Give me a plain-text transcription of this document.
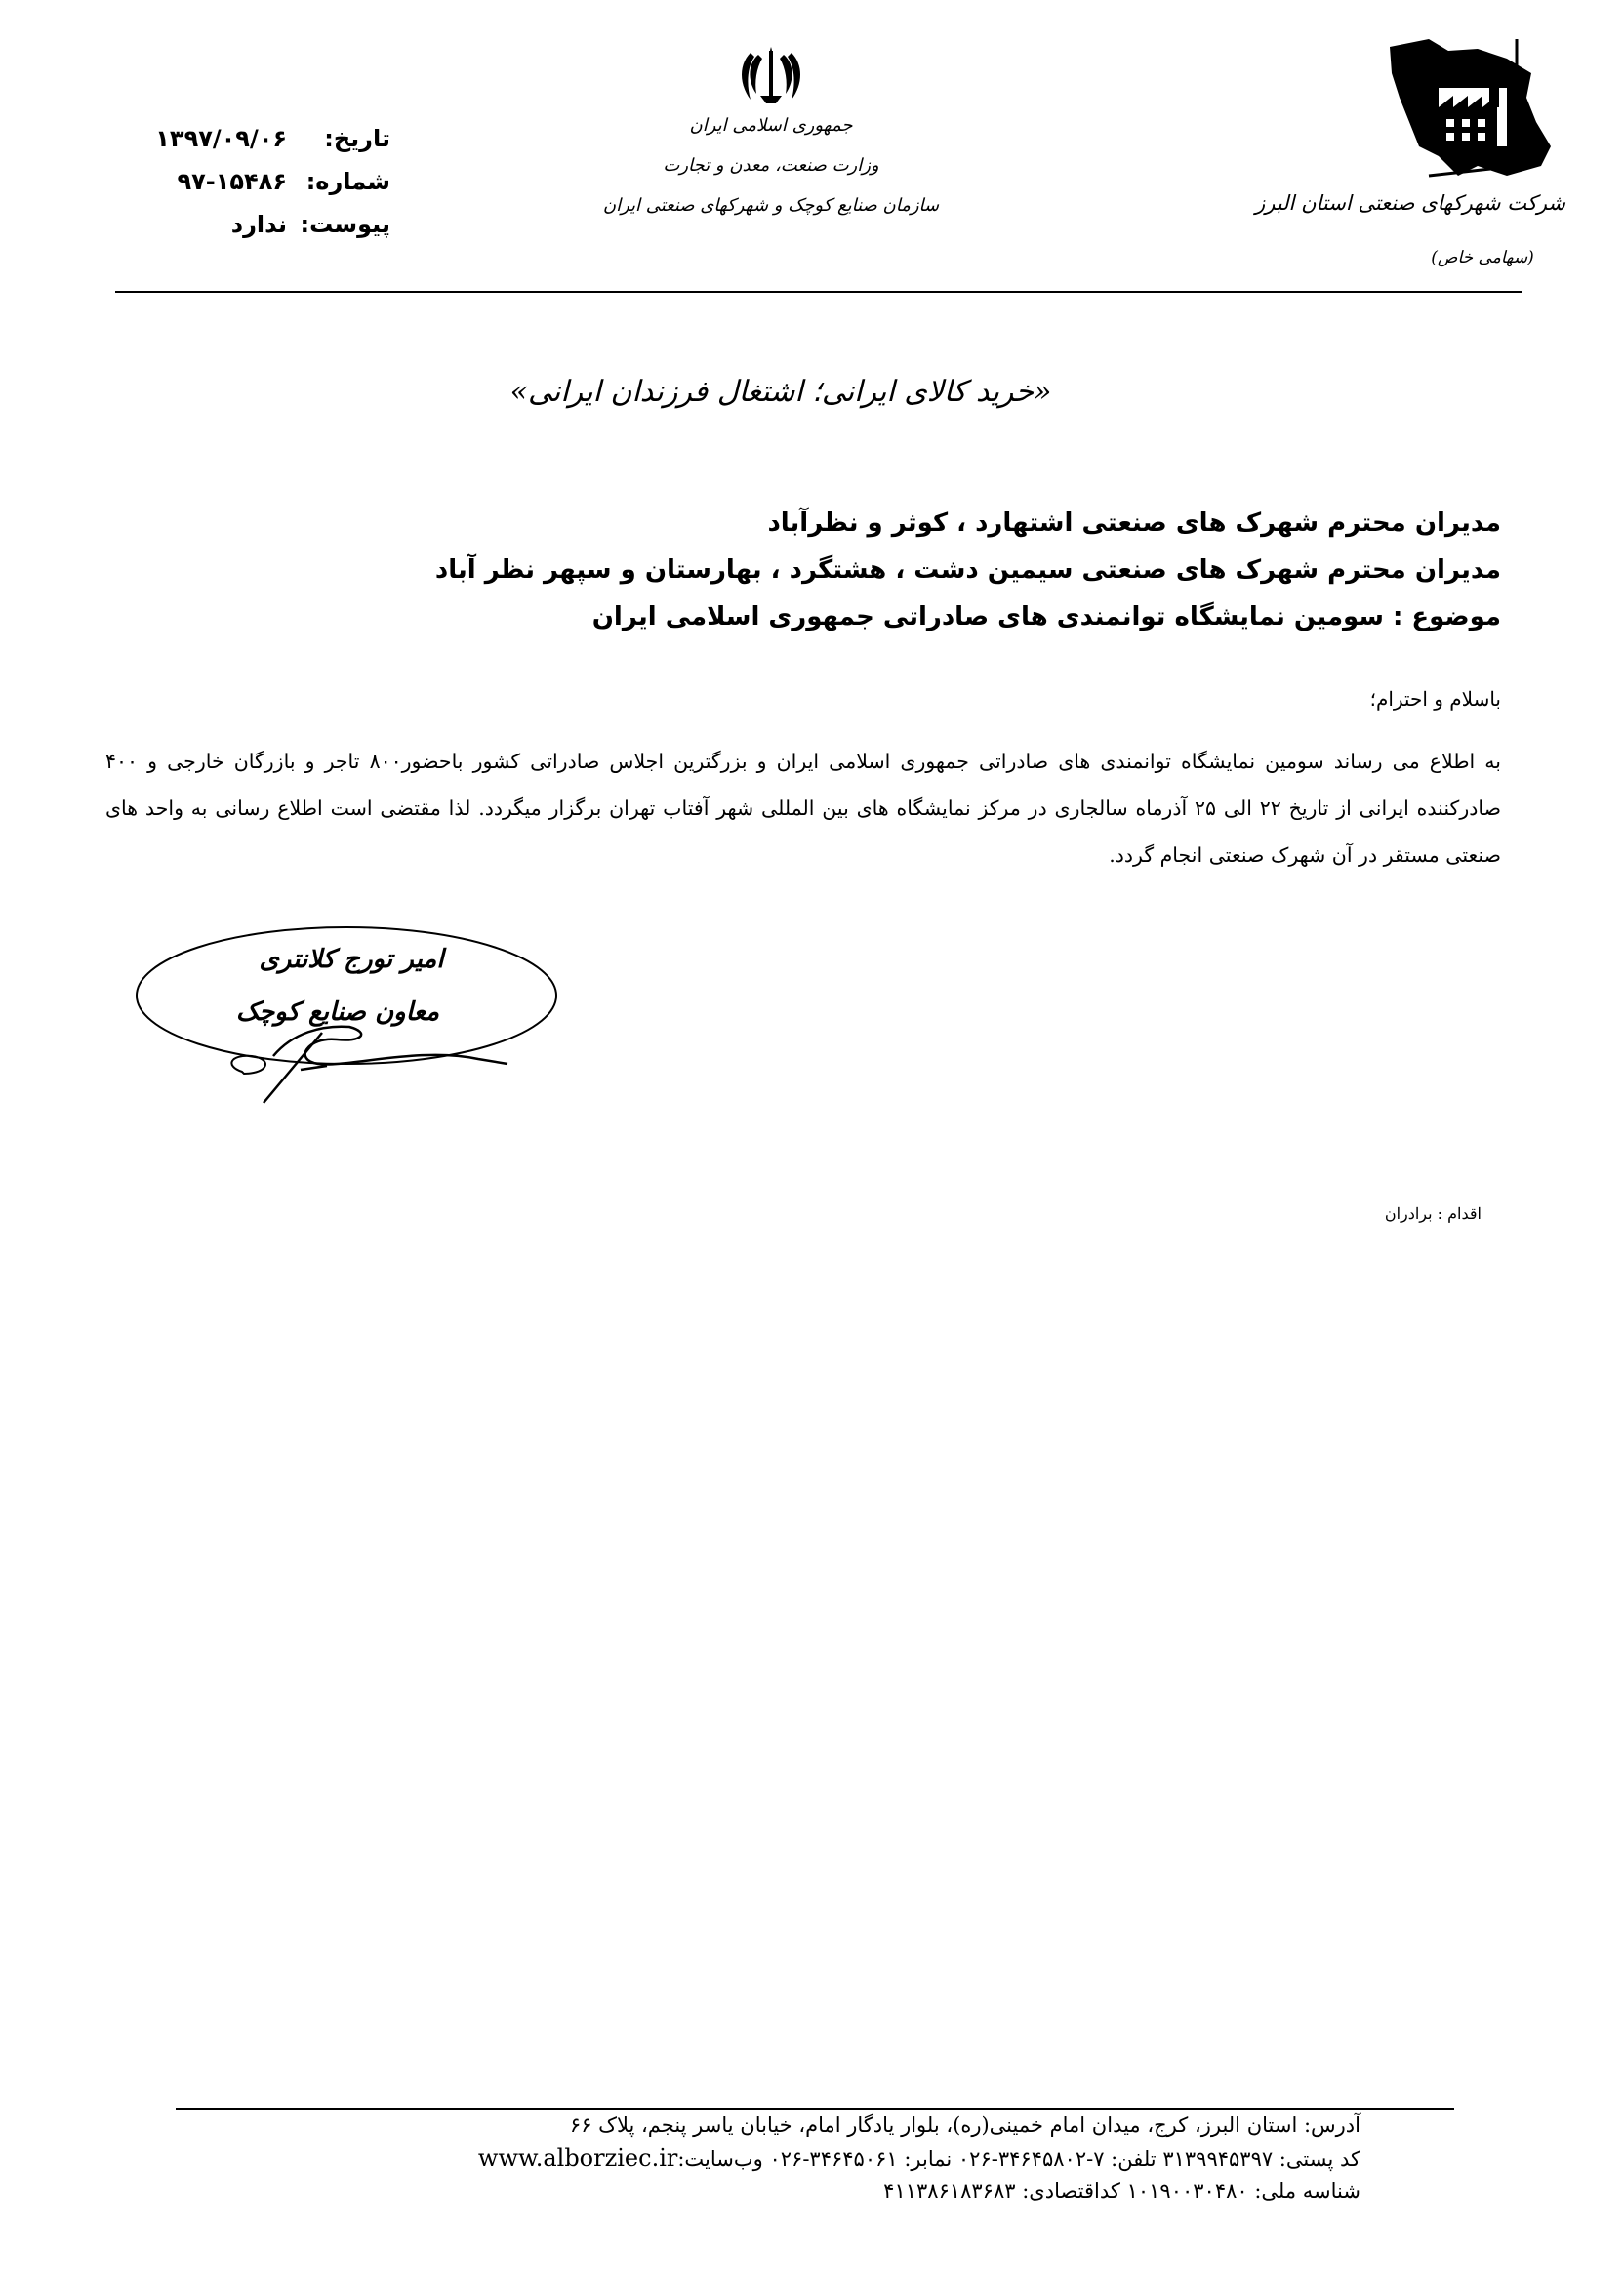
شرکت شهرکهای صنعتی استان البرز
(سهامی خاص)
جمهوری اسلامی ایران
وزارت صنعت، معدن و تجارت
سازمان صنایع کوچک و شهرکهای صنعتی ایران
تاریخ:
۱۳۹۷/۰۹/۰۶
شماره:
۹۷-۱۵۴۸۶
پیوست:
ندارد
«خرید کالای ایرانی؛ اشتغال فرزندان ایرانی»
مدیران محترم شهرک های صنعتی اشتهارد ، کوثر و نظرآباد
مدیران محترم شهرک های صنعتی سیمین دشت ، هشتگرد ، بهارستان و سپهر نظر آباد
موضوع : سومین نمایشگاه توانمندی های صادراتی جمهوری اسلامی ایران
باسلام و احترام؛
به اطلاع می رساند سومین نمایشگاه توانمندی های صادراتی جمهوری اسلامی ایران و بزرگترین اجلاس صادراتی کشور باحضور۸۰۰ تاجر و بازرگان خارجی و ۴۰۰ صادرکننده ایرانی از تاریخ ۲۲ الی ۲۵ آذرماه سالجاری در مرکز نمایشگاه های بین المللی شهر آفتاب تهران برگزار میگردد. لذا مقتضی است اطلاع رسانی به واحد های صنعتی مستقر در آن شهرک صنعتی انجام گردد.
امیر تورج کلانتری
معاون صنایع کوچک
اقدام : برادران
آدرس: استان البرز، کرج، میدان امام خمینی(ره)، بلوار یادگار امام، خیابان یاسر پنجم، پلاک ۶۶
کد پستی: ۳۱۳۹۹۴۵۳۹۷ تلفن: ۷-۳۴۶۴۵۸۰۲-۰۲۶ نمابر: ۳۴۶۴۵۰۶۱-۰۲۶ وب‌سایت:www.alborziec.ir
شناسه ملی: ۱۰۱۹۰۰۳۰۴۸۰ کداقتصادی: ۴۱۱۳۸۶۱۸۳۶۸۳
